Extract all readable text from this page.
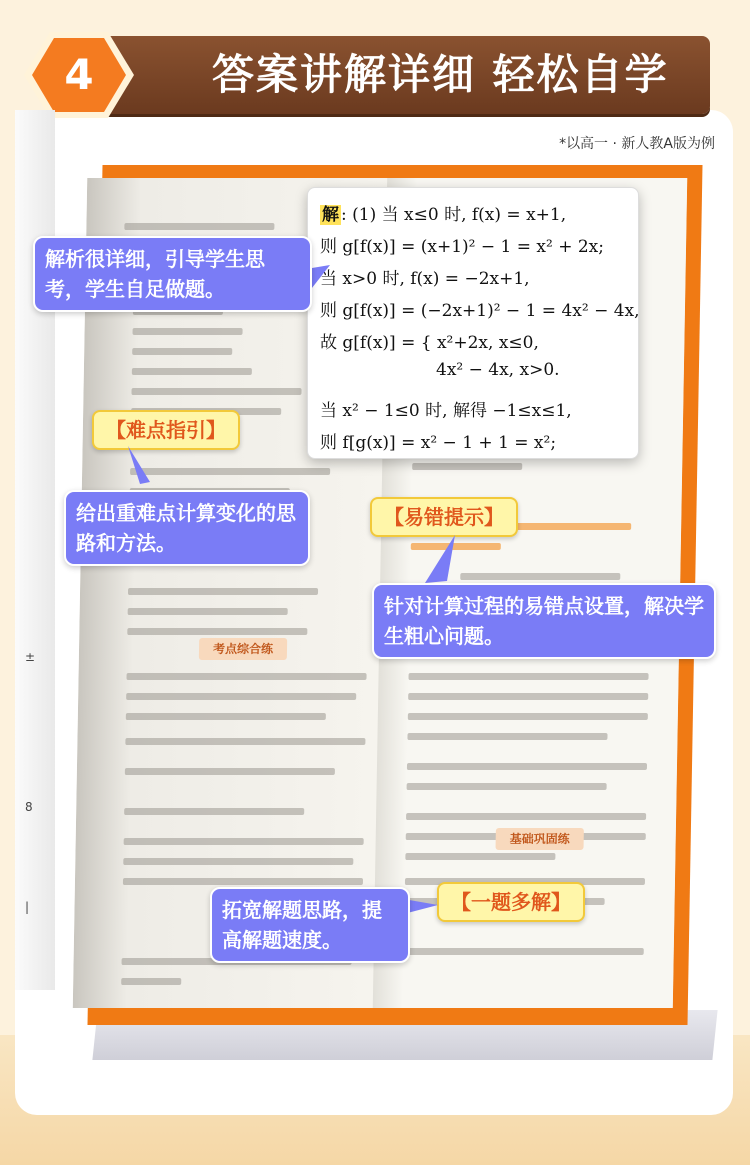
答案讲解详细 轻松自学
4
*以高一 · 新人教A版为例
±
8
|
考点综合练
基础巩固练
解 : (1) 当 x≤0 时, f(x) = x+1,
则 g[f(x)] = (x+1)² − 1 = x² + 2x;
当 x>0 时, f(x) = −2x+1,
则 g[f(x)] = (−2x+1)² − 1 = 4x² − 4x,
故 g[f(x)] = { x²+2x, x≤0,
4x² − 4x, x>0.
当 x² − 1≤0 时, 解得 −1≤x≤1,
则 f[g(x)] = x² − 1 + 1 = x²;
解析很详细，引导学生思考，学生自足做题。
【难点指引】
给出重难点计算变化的思路和方法。
【易错提示】
针对计算过程的易错点设置，解决学生粗心问题。
【一题多解】
拓宽解题思路，提高解题速度。
